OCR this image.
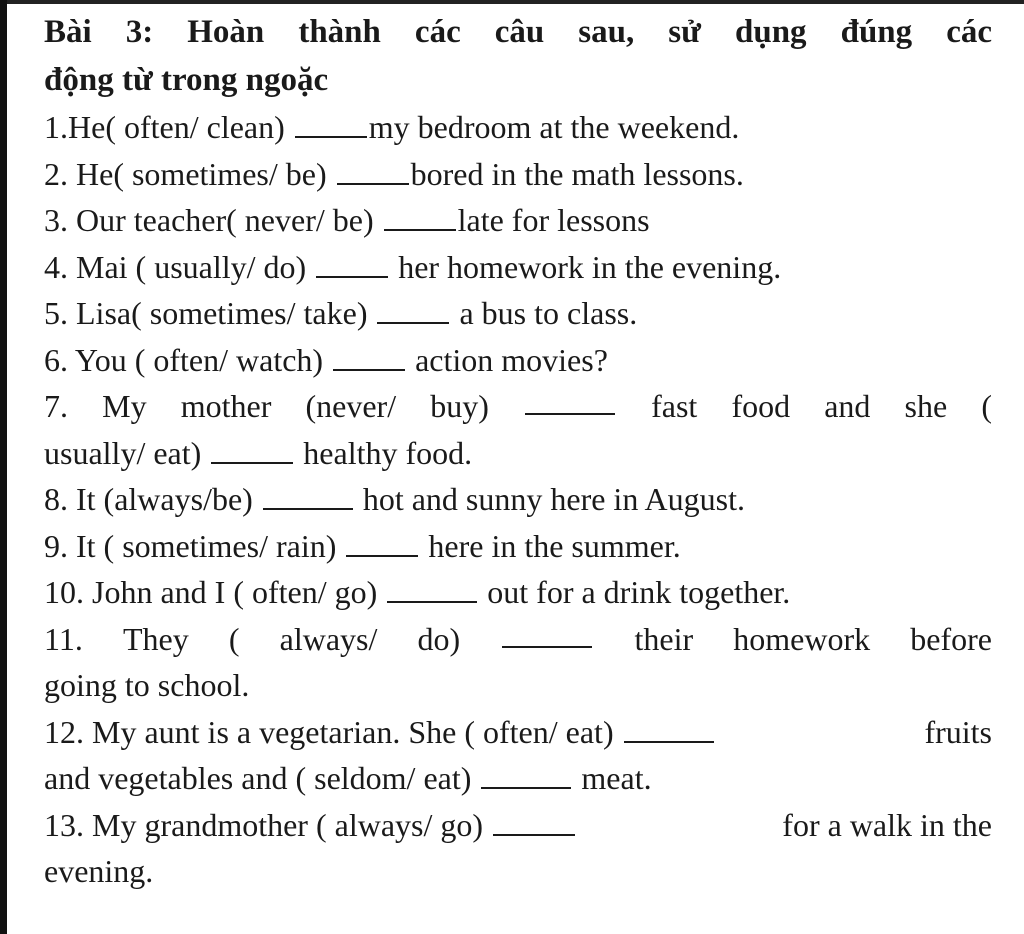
Bài 3: Hoàn thành các câu sau, sử dụng đúng các
động từ trong ngoặc
1.He( often/ clean) my bedroom at the weekend.
2. He( sometimes/ be) bored in the math lessons.
3. Our teacher( never/ be) late for lessons
4. Mai ( usually/ do)  her homework in the evening.
5. Lisa( sometimes/ take)  a bus to class.
6. You ( often/ watch)  action movies?
7. My mother (never/ buy)	fast food and she (
usually/ eat)	healthy food.
8. It (always/be)	hot and sunny here in August.
9. It ( sometimes/ rain)  here in the summer.
10. John and I ( often/ go)	out for a drink together.
11. They ( always/ do)	their homework before
going to school.
12. My aunt is a vegetarian. She ( often/ eat)	fruits
and vegetables and ( seldom/ eat)	meat.
13. My grandmother ( always/ go)	for a walk in the
evening.
